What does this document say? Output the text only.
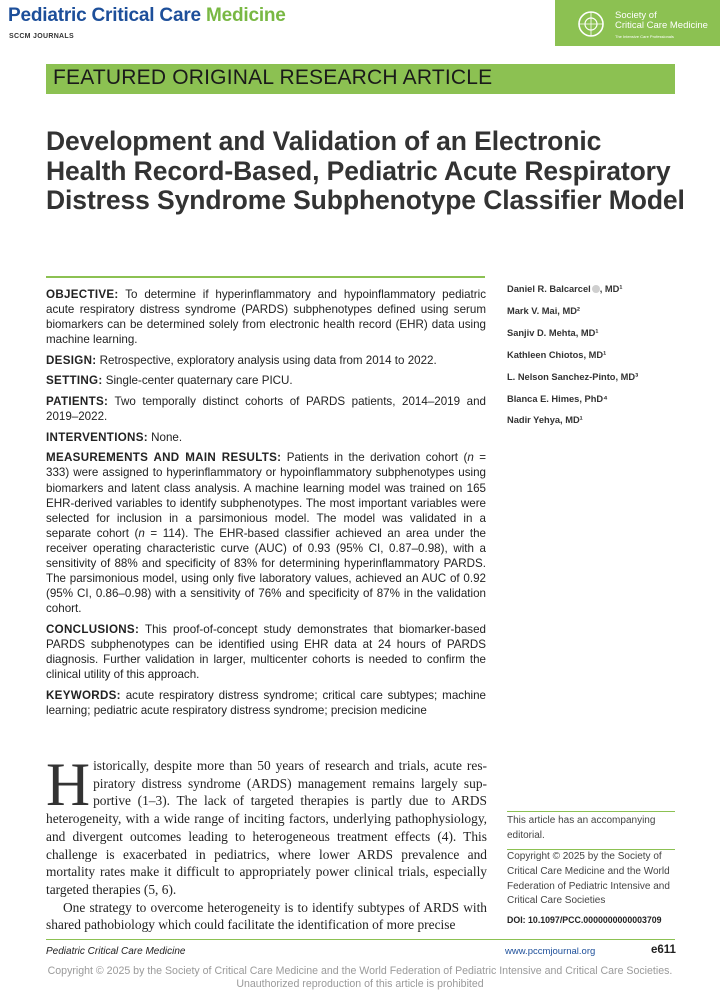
Pediatric Critical Care Medicine
SCCM JOURNALS
Society of
Critical Care Medicine
The Intensive Care Professionals
FEATURED ORIGINAL RESEARCH ARTICLE
Development and Validation of an Electronic Health Record-Based, Pediatric Acute Respiratory Distress Syndrome Subphenotype Classifier Model

OBJECTIVE: To determine if hyperinflammatory and hypoinflammatory pediatric acute respiratory distress syndrome (PARDS) subphenotypes defined using serum biomarkers can be determined solely from electronic health record (EHR) data using machine learning.

DESIGN: Retrospective, exploratory analysis using data from 2014 to 2022.

SETTING: Single-center quaternary care PICU.

PATIENTS: Two temporally distinct cohorts of PARDS patients, 2014–2019 and 2019–2022.

INTERVENTIONS: None.

MEASUREMENTS AND MAIN RESULTS: Patients in the derivation cohort (n = 333) were assigned to hyperinflammatory or hypoinflammatory subphenotypes using biomarkers and latent class analysis. A machine learning model was trained on 165 EHR-derived variables to identify subphenotypes. The most important variables were selected for inclusion in a parsimonious model. The model was validated in a separate cohort (n = 114). The EHR-based classifier achieved an area under the receiver operating characteristic curve (AUC) of 0.93 (95% CI, 0.87–0.98), with a sensitivity of 88% and specificity of 83% for determining hyperinflammatory PARDS. The parsimonious model, using only five laboratory values, achieved an AUC of 0.92 (95% CI, 0.86–0.98) with a sensitivity of 76% and specificity of 87% in the validation cohort.

CONCLUSIONS: This proof-of-concept study demonstrates that biomarker-based PARDS subphenotypes can be identified using EHR data at 24 hours of PARDS diagnosis. Further validation in larger, multicenter cohorts is needed to confirm the clinical utility of this approach.

KEYWORDS: acute respiratory distress syndrome; critical care subtypes; machine learning; pediatric acute respiratory distress syndrome; precision medicine

Daniel R. Balcarcel , MD¹
Mark V. Mai, MD²
Sanjiv D. Mehta, MD¹
Kathleen Chiotos, MD¹
L. Nelson Sanchez-Pinto, MD³
Blanca E. Himes, PhD⁴
Nadir Yehya, MD¹

Historically, despite more than 50 years of research and trials, acute respiratory distress syndrome (ARDS) management remains largely supportive (1–3). The lack of targeted therapies is partly due to ARDS heterogeneity, with a wide range of inciting factors, underlying pathophysiology, and divergent outcomes leading to heterogeneous treatment effects (4). This challenge is exacerbated in pediatrics, where lower ARDS prevalence and mortality rates make it difficult to appropriately power clinical trials, especially targeted therapies (5, 6).

One strategy to overcome heterogeneity is to identify subtypes of ARDS with shared pathobiology which could facilitate the identification of more precise

This article has an accompanying editorial.
Copyright © 2025 by the Society of Critical Care Medicine and the World Federation of Pediatric Intensive and Critical Care Societies
DOI: 10.1097/PCC.0000000000003709
Pediatric Critical Care Medicine	www.pccmjournal.org	e611
Copyright © 2025 by the Society of Critical Care Medicine and the World Federation of Pediatric Intensive and Critical Care Societies.
Unauthorized reproduction of this article is prohibited
